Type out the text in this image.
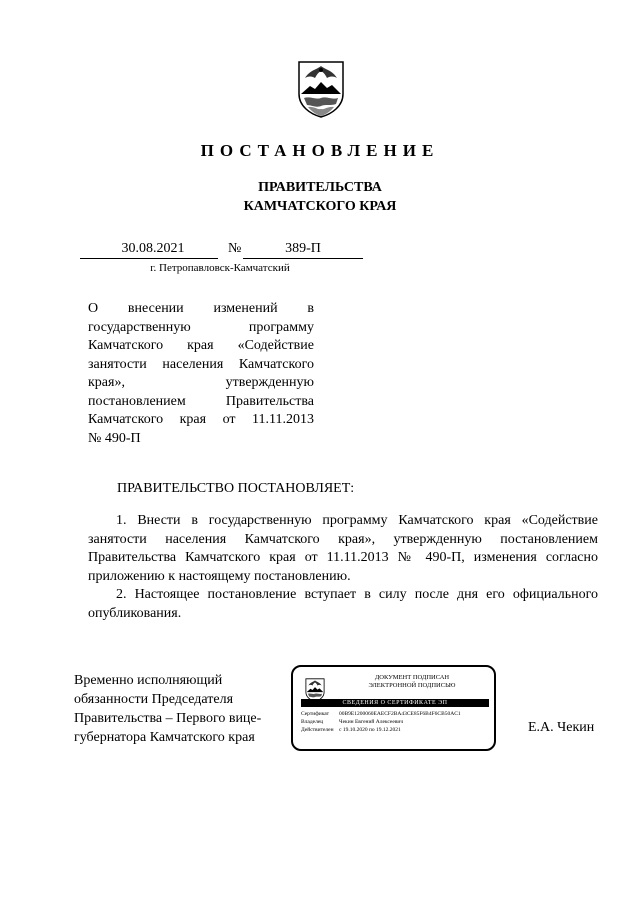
ПОСТАНОВЛЕНИЕ
ПРАВИТЕЛЬСТВА
КАМЧАТСКОГО КРАЯ
30.08.2021	№	389-П
г. Петропавловск-Камчатский
О внесении изменений в
государственную программу
Камчатского края «Содействие
занятости населения Камчатского
края», утвержденную
постановлением Правительства
Камчатского края от 11.11.2013
№ 490-П
ПРАВИТЕЛЬСТВО ПОСТАНОВЛЯЕТ:

1. Внести в государственную программу Камчатского края «Содействие
занятости населения Камчатского края», утвержденную постановлением
Правительства Камчатского края от 11.11.2013 № 490-П, изменения согласно
приложению к настоящему постановлению.

2. Настоящее постановление вступает в силу после дня его официального
опубликования.

Временно исполняющий
обязанности Председателя
Правительства – Первого вице-
губернатора Камчатского края
ДОКУМЕНТ ПОДПИСАН
ЭЛЕКТРОННОЙ ПОДПИСЬЮ
СВЕДЕНИЯ О СЕРТИФИКАТЕ ЭП
Сертификат	00B9E1200060EAECF2BA43CE85F6B4F6CB50AC1
Владелец	Чекин Евгений Алексеевич
Действителен с 19.10.2020 по 19.12.2021	Е.А. Чекин
